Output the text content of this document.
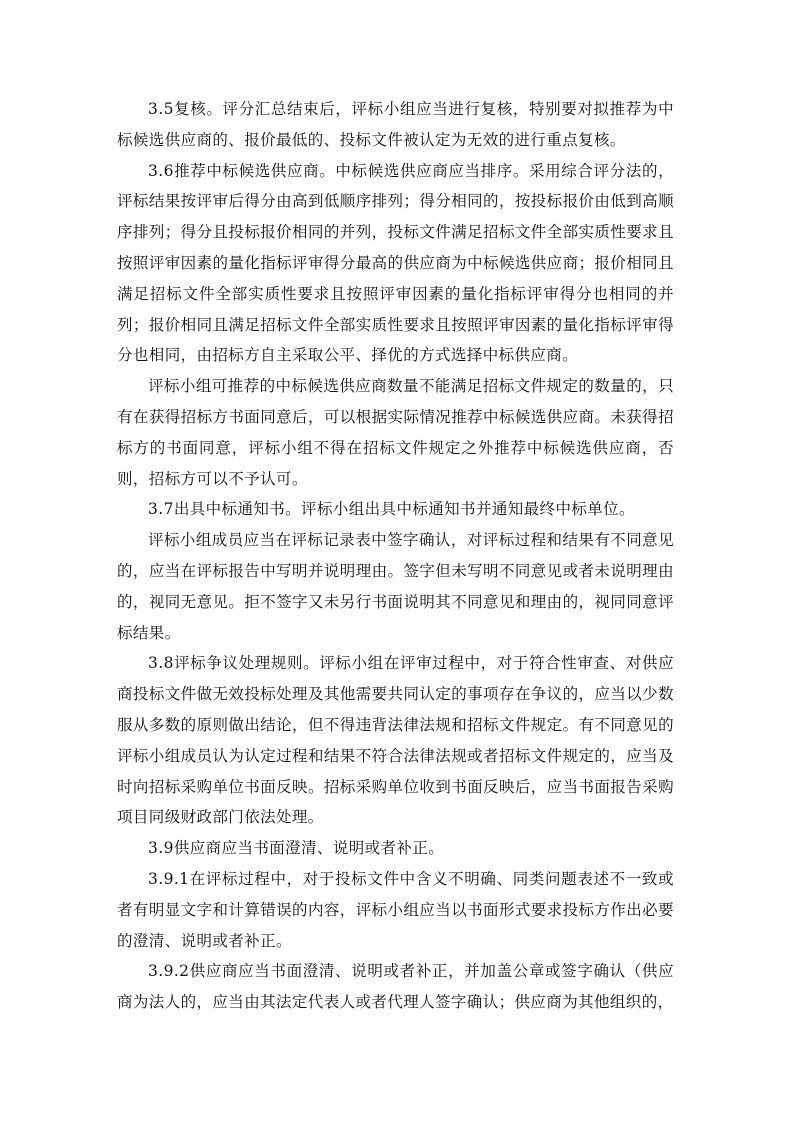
3.5复核。评分汇总结束后，评标小组应当进行复核，特别要对拟推荐为中标候选供应商的、报价最低的、投标文件被认定为无效的进行重点复核。

3.6推荐中标候选供应商。中标候选供应商应当排序。采用综合评分法的，评标结果按评审后得分由高到低顺序排列；得分相同的，按投标报价由低到高顺序排列；得分且投标报价相同的并列，投标文件满足招标文件全部实质性要求且按照评审因素的量化指标评审得分最高的供应商为中标候选供应商；报价相同且满足招标文件全部实质性要求且按照评审因素的量化指标评审得分也相同的并列；报价相同且满足招标文件全部实质性要求且按照评审因素的量化指标评审得分也相同，由招标方自主采取公平、择优的方式选择中标供应商。

评标小组可推荐的中标候选供应商数量不能满足招标文件规定的数量的，只有在获得招标方书面同意后，可以根据实际情况推荐中标候选供应商。未获得招标方的书面同意，评标小组不得在招标文件规定之外推荐中标候选供应商，否则，招标方可以不予认可。

3.7出具中标通知书。评标小组出具中标通知书并通知最终中标单位。

评标小组成员应当在评标记录表中签字确认，对评标过程和结果有不同意见的，应当在评标报告中写明并说明理由。签字但未写明不同意见或者未说明理由的，视同无意见。拒不签字又未另行书面说明其不同意见和理由的，视同同意评标结果。

3.8评标争议处理规则。评标小组在评审过程中，对于符合性审查、对供应商投标文件做无效投标处理及其他需要共同认定的事项存在争议的，应当以少数服从多数的原则做出结论，但不得违背法律法规和招标文件规定。有不同意见的评标小组成员认为认定过程和结果不符合法律法规或者招标文件规定的，应当及时向招标采购单位书面反映。招标采购单位收到书面反映后，应当书面报告采购项目同级财政部门依法处理。

3.9供应商应当书面澄清、说明或者补正。

3.9.1在评标过程中，对于投标文件中含义不明确、同类问题表述不一致或者有明显文字和计算错误的内容，评标小组应当以书面形式要求投标方作出必要的澄清、说明或者补正。

3.9.2供应商应当书面澄清、说明或者补正，并加盖公章或签字确认（供应商为法人的，应当由其法定代表人或者代理人签字确认；供应商为其他组织的，
